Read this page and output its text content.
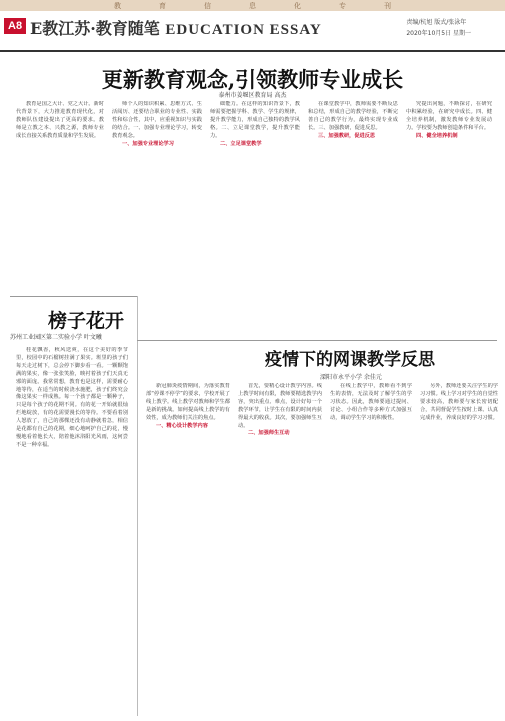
教	育	信	息	化	专	刊
A8 E教江苏·教育随笔 EDUCATION ESSAY	责编/杭旭 版式/张泳年
2020年10月5日 星期一
更新教育观念,引领教师专业成长
泰州市姜堰区教育局 高杰

教育是国之大计、党之大计。新时代背景下，大力推进教育现代化，对教师队伍建设提出了更高的要求。教师是立教之本、兴教之源，教师专业成长直接关系教育质量和学生发展。

师个人的知识积累、思维方式、生活阅历、还要结合职业的专业性、实践性和综合性，其中，应重视知识与实践的结合。一、加强专业理论学习，转变教育观念。

一、加强专业理论学习

础能力。在这样的知识背景下，教师需要把握学科、教学、学生的规律，提升教学能力，形成自己独特的教学风格。二、立足课堂教学，提升教学能力。

二、立足课堂教学

在课堂教学中，教师需要不断反思和总结，形成自己的教学经验，不断完善自己的教学行为，最终实现专业成长。三、加强教研，促进反思。

三、加强教研，促进反思

究提出问题，不断探讨，在研究中积累经验，在研究中成长。四、健全培养机制，激发教师专业发展动力。学校要为教师创造条件和平台。

四、健全培养机制

榜子花开
苏州工业园区第二实验小学 叶文曦

桂花飘香，秋风送爽，在这个美好的季节里，校园中的石榴树挂满了果实。班里的孩子们每天走过树下，总会停下脚步看一看。一颗颗饱满的果实，像一张张笑脸，映衬着孩子们天真无邪的面庞。我常常想，教育也是这样，需要耐心地等待，在适当的时候浇水施肥，孩子们终究会像这果实一样成熟。每一个孩子都是一颗种子，只是每个孩子的花期不同。有的花一开始就很灿烂地绽放，有的花需要漫长的等待。不要看着别人怒放了，自己的那棵还没有动静就着急，相信是花都有自己的花期，细心地呵护自己的花，慢慢地看着他长大，陪着他沐浴阳光风雨，这何尝不是一种幸福。

疫情下的网课教学反思
溧阳市永平小学 余佳元

新冠肺炎疫情期间，为落实教育部“停课不停学”的要求，学校开展了线上教学。线上教学对教师和学生都是新的挑战。如何提高线上教学的有效性，成为教师们关注的焦点。

一、精心设计教学内容

首先，要精心设计教学内容。线上教学时间有限，教师要精选教学内容，突出重点、难点，设计好每一个教学环节，让学生在有限的时间内获得最大的收获。其次，要加强师生互动。

二、加强师生互动

在线上教学中，教师看不到学生的表情，无法及时了解学生的学习状态。因此，教师要通过提问、讨论、小组合作等多种方式加强互动，调动学生学习的积极性。

另外，教师还要关注学生的学习习惯。线上学习对学生的自觉性要求较高，教师要与家长密切配合，共同督促学生按时上课、认真完成作业，养成良好的学习习惯。
